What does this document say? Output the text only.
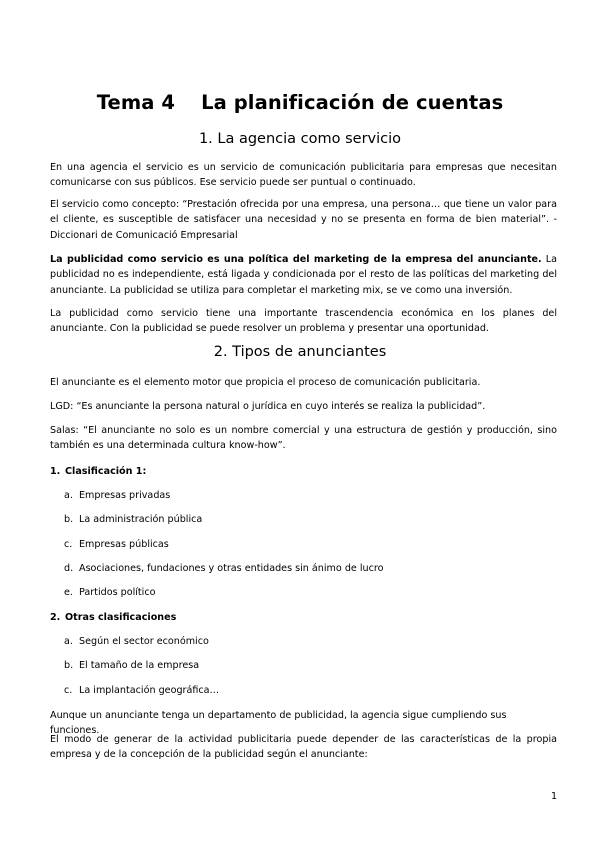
Tema 4 La planificación de cuentas
1. La agencia como servicio
En una agencia el servicio es un servicio de comunicación publicitaria para empresas que necesitan comunicarse con sus públicos. Ese servicio puede ser puntual o continuado.
El servicio como concepto: “Prestación ofrecida por una empresa, una persona… que tiene un valor para el cliente, es susceptible de satisfacer una necesidad y no se presenta en forma de bien material”. - Diccionari de Comunicació Empresarial
La publicidad como servicio es una política del marketing de la empresa del anunciante. La publicidad no es independiente, está ligada y condicionada por el resto de las políticas del marketing del anunciante. La publicidad se utiliza para completar el marketing mix, se ve como una inversión.
La publicidad como servicio tiene una importante trascendencia económica en los planes del anunciante. Con la publicidad se puede resolver un problema y presentar una oportunidad.
2. Tipos de anunciantes
El anunciante es el elemento motor que propicia el proceso de comunicación publicitaria.
LGD: “Es anunciante la persona natural o jurídica en cuyo interés se realiza la publicidad”.
Salas: “El anunciante no solo es un nombre comercial y una estructura de gestión y producción, sino también es una determinada cultura know-how”.
1. Clasificación 1:
a. Empresas privadas
b. La administración pública
c. Empresas públicas
d. Asociaciones, fundaciones y otras entidades sin ánimo de lucro
e. Partidos político
2. Otras clasificaciones
a. Según el sector económico
b. El tamaño de la empresa
c. La implantación geográfica…
Aunque un anunciante tenga un departamento de publicidad, la agencia sigue cumpliendo sus funciones.
El modo de generar de la actividad publicitaria puede depender de las características de la propia empresa y de la concepción de la publicidad según el anunciante:
1
